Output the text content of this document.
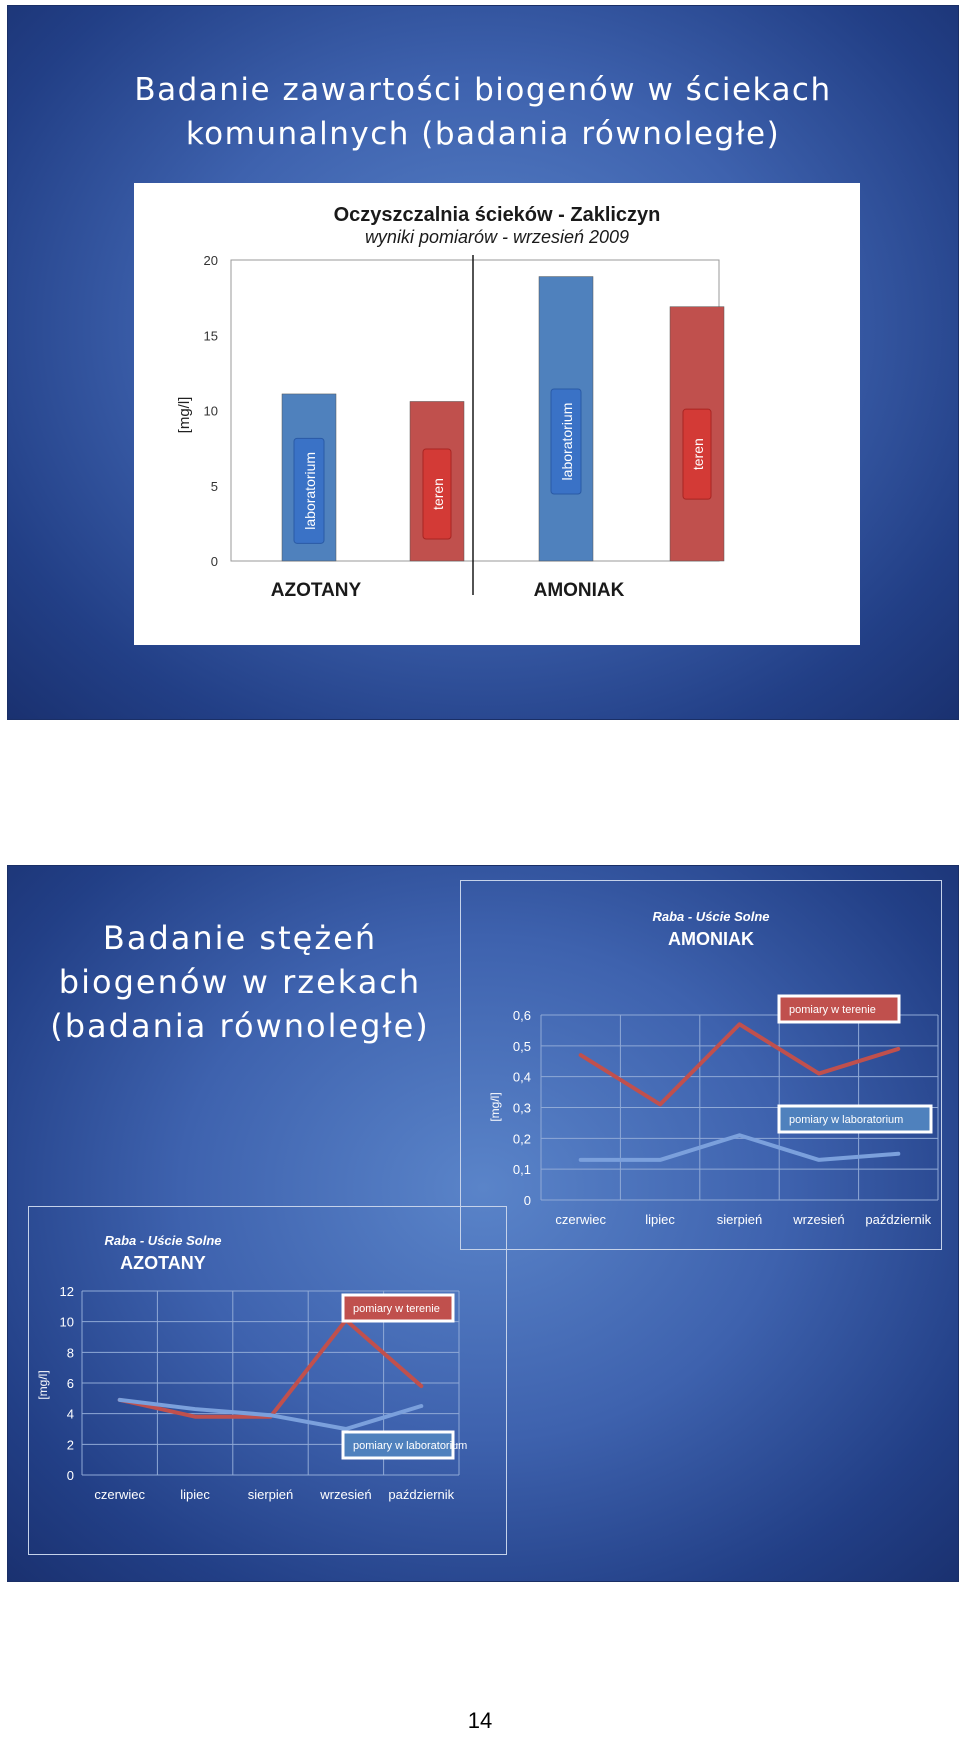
Badanie zawartości biogenów w ściekach
komunalnych (badania równoległe)
Oczyszczalnia ścieków - Zakliczyn
wyniki pomiarów - wrzesień 2009
0
5
10
15
20
[mg/l]
laboratorium	teren
laboratorium	teren
AZOTANY	AMONIAK
Badanie stężeń
biogenów w rzekach
(badania równoległe)
Raba - Uście Solne
AMONIAK
0
0,1
0,2
0,3
0,4
0,5
0,6
[mg/l]
czerwiec	lipiec	sierpień wrzesień październik
pomiary w terenie
pomiary w laboratorium
Raba - Uście Solne
AZOTANY
0
2
4
6
8
10
12
[mg/l]
czerwiec	lipiec	sierpień wrzesień październik
pomiary w terenie
pomiary w laboratorium
14
